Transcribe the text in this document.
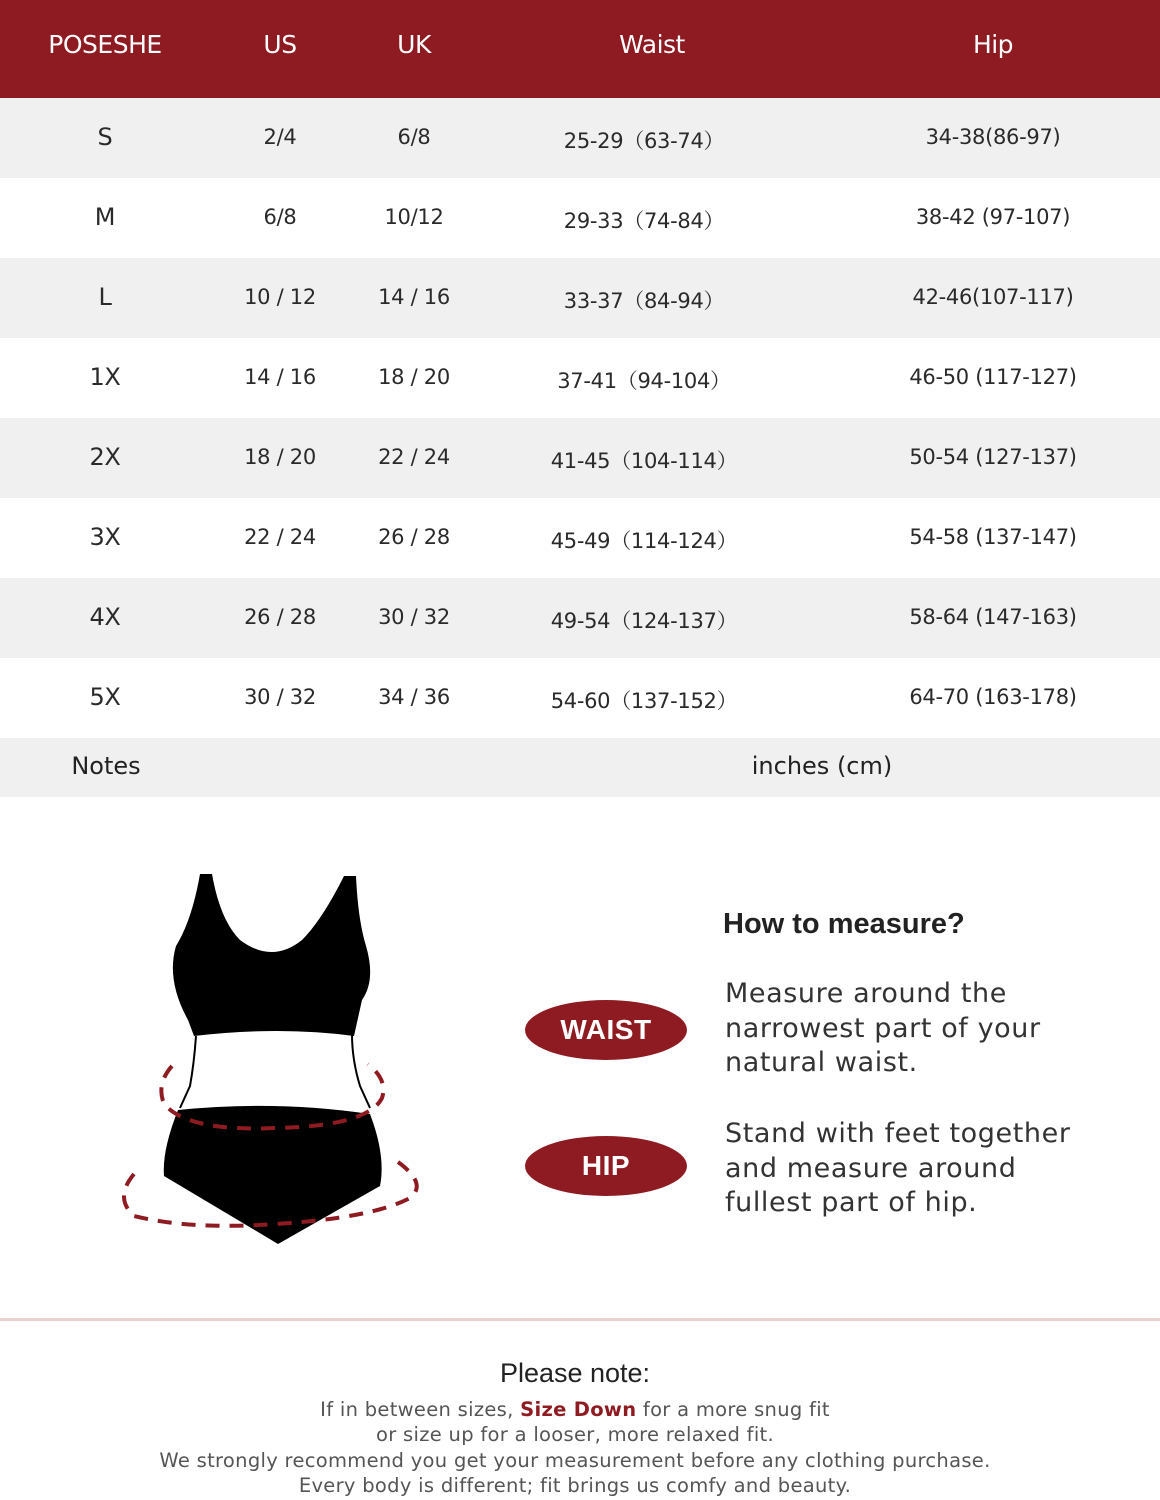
POSESHE	US	UK	Waist	Hip
S	2/4	6/8	25-29（63-74）	34-38(86-97)
M	6/8	10/12	29-33（74-84）	38-42 (97-107)
L	10 / 12	14 / 16	33-37（84-94）	42-46(107-117)
1X	14 / 16	18 / 20	37-41（94-104）	46-50 (117-127)
2X	18 / 20	22 / 24	41-45（104-114）	50-54 (127-137)
3X	22 / 24	26 / 28	45-49（114-124）	54-58 (137-147)
4X	26 / 28	30 / 32	49-54（124-137）	58-64 (147-163)
5X	30 / 32	34 / 36	54-60（137-152）	64-70 (163-178)
Notes	inches (cm)
WAIST
HIP
How to measure?
Measure around the
narrowest part of your
natural waist.
Stand with feet together
and measure around
fullest part of hip.
Please note:
If in between sizes, Size Down for a more snug fit
or size up for a looser, more relaxed fit.
We strongly recommend you get your measurement before any clothing purchase.
Every body is different; fit brings us comfy and beauty.
